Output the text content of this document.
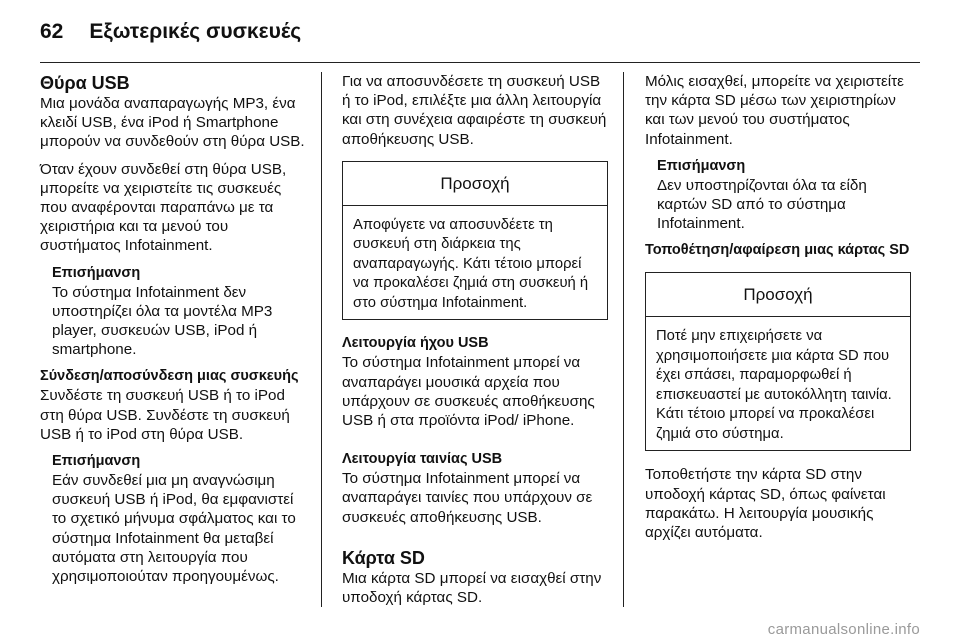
62 Εξωτερικές συσκευές
Θύρα USB

Μια μονάδα αναπαραγωγής MP3, ένα κλειδί USB, ένα iPod ή Smartphone μπορούν να συνδεθούν στη θύρα USB.

Όταν έχουν συνδεθεί στη θύρα USB, μπορείτε να χειριστείτε τις συσκευές που αναφέρονται παραπάνω με τα χειριστήρια και τα μενού του συστήματος Infotainment.

Επισήμανση
Το σύστημα Infotainment δεν υποστηρίζει όλα τα μοντέλα MP3 player, συσκευών USB, iPod ή smartphone.
Σύνδεση/αποσύνδεση μιας συσκευής

Συνδέστε τη συσκευή USB ή το iPod στη θύρα USB. Συνδέστε τη συσκευή USB ή το iPod στη θύρα USB.

Επισήμανση
Εάν συνδεθεί μια μη αναγνώσιμη συσκευή USB ή iPod, θα εμφανιστεί το σχετικό μήνυμα σφάλματος και το σύστημα Infotainment θα μεταβεί αυτόματα στη λειτουργία που χρησιμοποιούταν προηγουμένως.

Για να αποσυνδέσετε τη συσκευή USB ή το iPod, επιλέξτε μια άλλη λειτουργία και στη συνέχεια αφαιρέστε τη συσκευή αποθήκευσης USB.

Προσοχή
Αποφύγετε να αποσυνδέετε τη συσκευή στη διάρκεια της αναπαραγωγής. Κάτι τέτοιο μπορεί να προκαλέσει ζημιά στη συσκευή ή στο σύστημα Infotainment.
Λειτουργία ήχου USB

Το σύστημα Infotainment μπορεί να αναπαράγει μουσικά αρχεία που υπάρχουν σε συσκευές αποθήκευσης USB ή στα προϊόντα iPod/ iPhone.

Λειτουργία ταινίας USB

Το σύστημα Infotainment μπορεί να αναπαράγει ταινίες που υπάρχουν σε συσκευές αποθήκευσης USB.

Κάρτα SD

Μια κάρτα SD μπορεί να εισαχθεί στην υποδοχή κάρτας SD.

Μόλις εισαχθεί, μπορείτε να χειριστείτε την κάρτα SD μέσω των χειριστηρίων και των μενού του συστήματος Infotainment.

Επισήμανση
Δεν υποστηρίζονται όλα τα είδη καρτών SD από το σύστημα Infotainment.
Τοποθέτηση/αφαίρεση μιας κάρτας SD
Προσοχή
Ποτέ μην επιχειρήσετε να χρησιμοποιήσετε μια κάρτα SD που έχει σπάσει, παραμορφωθεί ή επισκευαστεί με αυτοκόλλητη ταινία. Κάτι τέτοιο μπορεί να προκαλέσει ζημιά στο σύστημα.

Τοποθετήστε την κάρτα SD στην υποδοχή κάρτας SD, όπως φαίνεται παρακάτω. Η λειτουργία μουσικής αρχίζει αυτόματα.

carmanualsonline.info
